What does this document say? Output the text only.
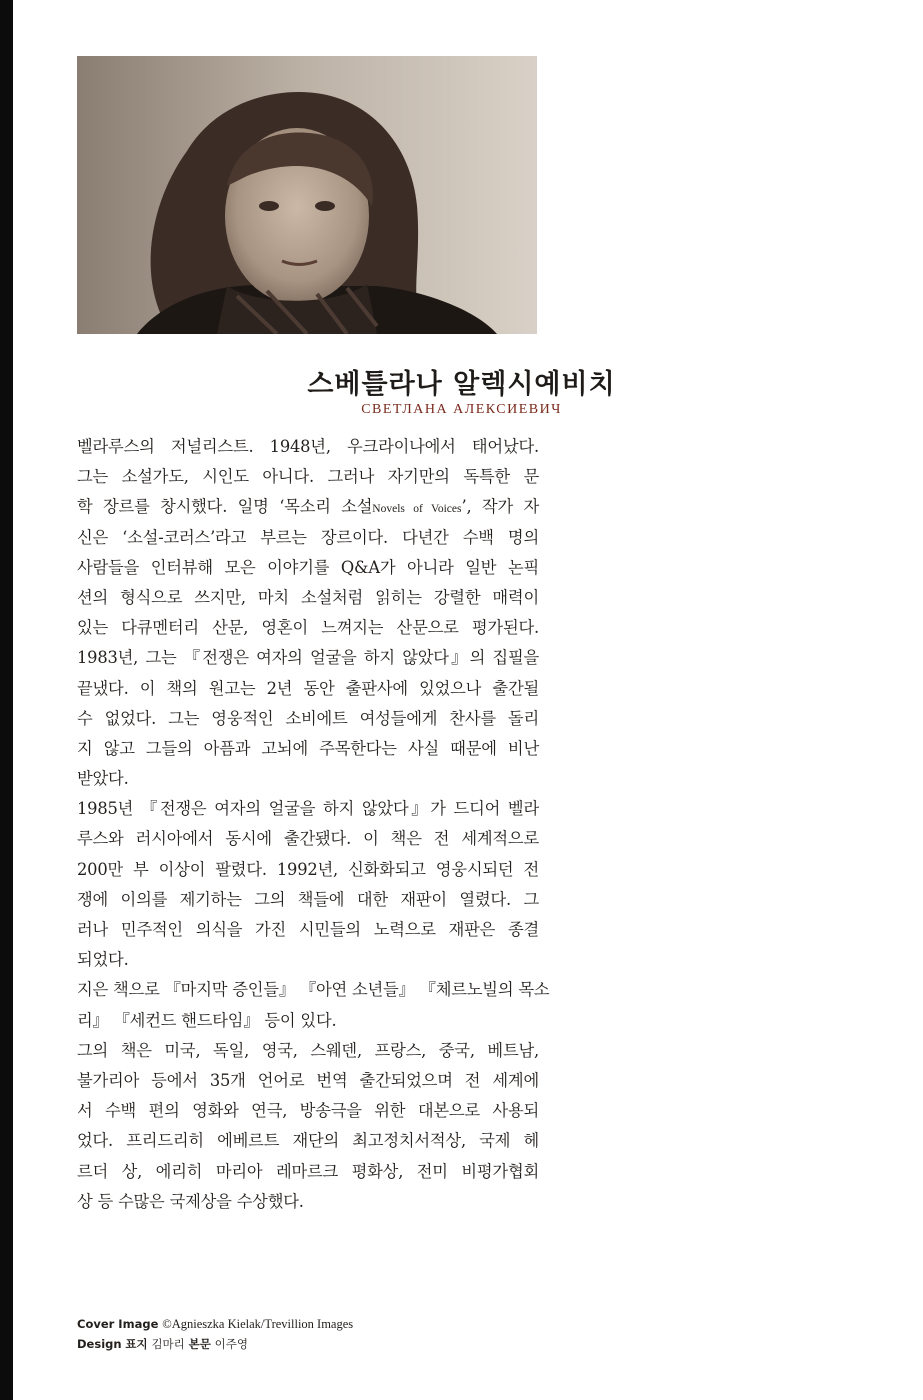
스베틀라나 알렉시예비치

СВЕТЛАНА АЛЕКСИЕВИЧ

벨라루스의 저널리스트. 1948년, 우크라이나에서 태어났다.
그는 소설가도, 시인도 아니다. 그러나 자기만의 독특한 문
학 장르를 창시했다. 일명 ‘목소리 소설Novels of Voices’, 작가 자
신은 ‘소설-코러스’라고 부르는 장르이다. 다년간 수백 명의
사람들을 인터뷰해 모은 이야기를 Q&A가 아니라 일반 논픽
션의 형식으로 쓰지만, 마치 소설처럼 읽히는 강렬한 매력이
있는 다큐멘터리 산문, 영혼이 느껴지는 산문으로 평가된다.
1983년, 그는 『전쟁은 여자의 얼굴을 하지 않았다』의 집필을
끝냈다. 이 책의 원고는 2년 동안 출판사에 있었으나 출간될
수 없었다. 그는 영웅적인 소비에트 여성들에게 찬사를 돌리
지 않고 그들의 아픔과 고뇌에 주목한다는 사실 때문에 비난
받았다.
1985년 『전쟁은 여자의 얼굴을 하지 않았다』가 드디어 벨라
루스와 러시아에서 동시에 출간됐다. 이 책은 전 세계적으로
200만 부 이상이 팔렸다. 1992년, 신화화되고 영웅시되던 전
쟁에 이의를 제기하는 그의 책들에 대한 재판이 열렸다. 그
러나 민주적인 의식을 가진 시민들의 노력으로 재판은 종결
되었다.
지은 책으로 『마지막 증인들』 『아연 소년들』 『체르노빌의 목소
리』 『세컨드 핸드타임』 등이 있다.
그의 책은 미국, 독일, 영국, 스웨덴, 프랑스, 중국, 베트남,
불가리아 등에서 35개 언어로 번역 출간되었으며 전 세계에
서 수백 편의 영화와 연극, 방송극을 위한 대본으로 사용되
었다. 프리드리히 에베르트 재단의 최고정치서적상, 국제 헤
르더 상, 에리히 마리아 레마르크 평화상, 전미 비평가협회
상 등 수많은 국제상을 수상했다.
Cover Image ©Agnieszka Kielak/Trevillion Images
Design 표지 김마리 본문 이주영
